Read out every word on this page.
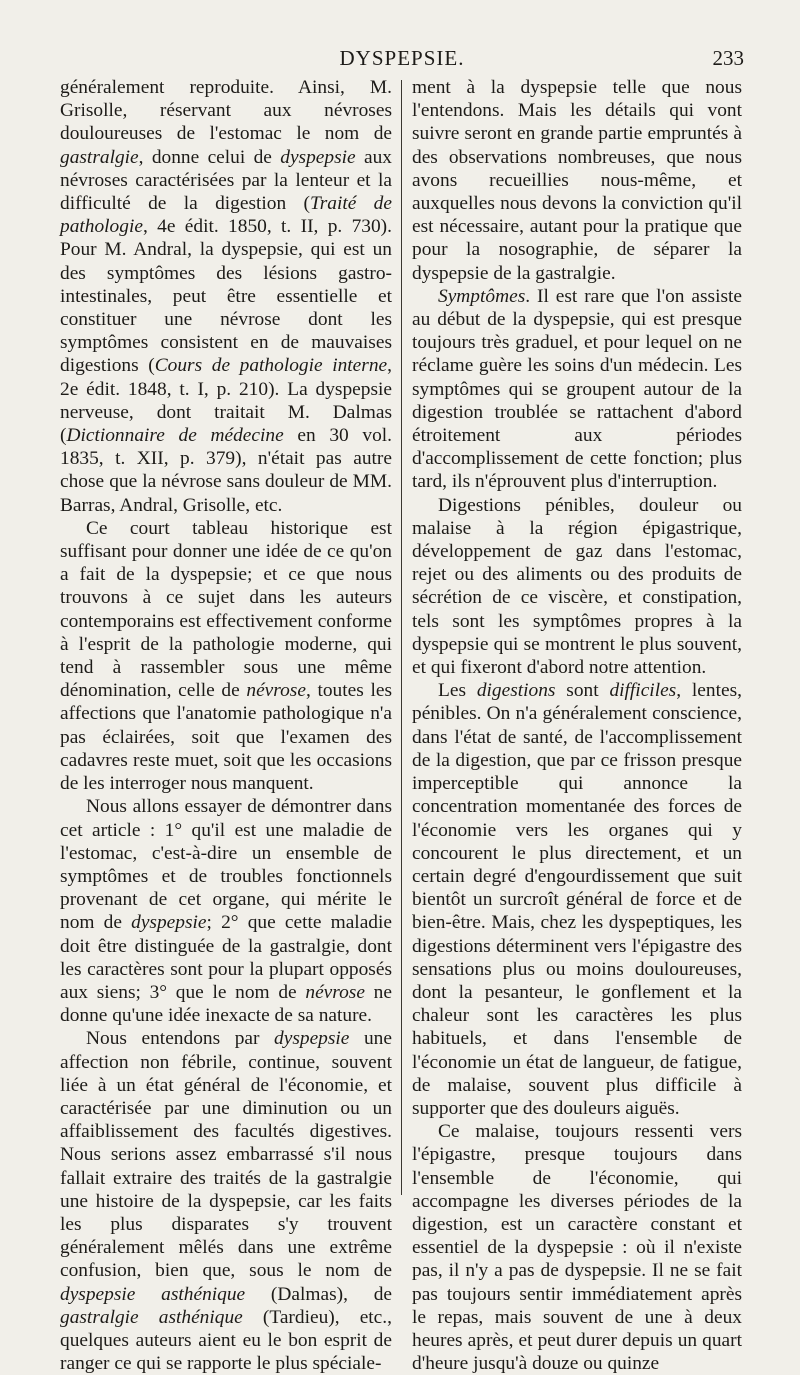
DYSPEPSIE.	233

généralement reproduite. Ainsi, M. Grisolle, réservant aux névroses douloureuses de l'estomac le nom de gastralgie, donne celui de dyspepsie aux névroses caractérisées par la lenteur et la difficulté de la digestion (Traité de pathologie, 4e édit. 1850, t. II, p. 730). Pour M. Andral, la dyspepsie, qui est un des symptômes des lésions gastro-intestinales, peut être essentielle et constituer une névrose dont les symptômes consistent en de mauvaises digestions (Cours de pathologie interne, 2e édit. 1848, t. I, p. 210). La dyspepsie nerveuse, dont traitait M. Dalmas (Dictionnaire de médecine en 30 vol. 1835, t. XII, p. 379), n'était pas autre chose que la névrose sans douleur de MM. Barras, Andral, Grisolle, etc.

Ce court tableau historique est suffisant pour donner une idée de ce qu'on a fait de la dyspepsie; et ce que nous trouvons à ce sujet dans les auteurs contemporains est effectivement conforme à l'esprit de la pathologie moderne, qui tend à rassembler sous une même dénomination, celle de névrose, toutes les affections que l'anatomie pathologique n'a pas éclairées, soit que l'examen des cadavres reste muet, soit que les occasions de les interroger nous manquent.

Nous allons essayer de démontrer dans cet article : 1° qu'il est une maladie de l'estomac, c'est-à-dire un ensemble de symptômes et de troubles fonctionnels provenant de cet organe, qui mérite le nom de dyspepsie; 2° que cette maladie doit être distinguée de la gastralgie, dont les caractères sont pour la plupart opposés aux siens; 3° que le nom de névrose ne donne qu'une idée inexacte de sa nature.

Nous entendons par dyspepsie une affection non fébrile, continue, souvent liée à un état général de l'économie, et caractérisée par une diminution ou un affaiblissement des facultés digestives. Nous serions assez embarrassé s'il nous fallait extraire des traités de la gastralgie une histoire de la dyspepsie, car les faits les plus disparates s'y trouvent généralement mêlés dans une extrême confusion, bien que, sous le nom de dyspepsie asthénique (Dalmas), de gastralgie asthénique (Tardieu), etc., quelques auteurs aient eu le bon esprit de ranger ce qui se rapporte le plus spéciale-

ment à la dyspepsie telle que nous l'entendons. Mais les détails qui vont suivre seront en grande partie empruntés à des observations nombreuses, que nous avons recueillies nous-même, et auxquelles nous devons la conviction qu'il est nécessaire, autant pour la pratique que pour la nosographie, de séparer la dyspepsie de la gastralgie.

Symptômes. Il est rare que l'on assiste au début de la dyspepsie, qui est presque toujours très graduel, et pour lequel on ne réclame guère les soins d'un médecin. Les symptômes qui se groupent autour de la digestion troublée se rattachent d'abord étroitement aux périodes d'accomplissement de cette fonction; plus tard, ils n'éprouvent plus d'interruption.

Digestions pénibles, douleur ou malaise à la région épigastrique, développement de gaz dans l'estomac, rejet ou des aliments ou des produits de sécrétion de ce viscère, et constipation, tels sont les symptômes propres à la dyspepsie qui se montrent le plus souvent, et qui fixeront d'abord notre attention.

Les digestions sont difficiles, lentes, pénibles. On n'a généralement conscience, dans l'état de santé, de l'accomplissement de la digestion, que par ce frisson presque imperceptible qui annonce la concentration momentanée des forces de l'économie vers les organes qui y concourent le plus directement, et un certain degré d'engourdissement que suit bientôt un surcroît général de force et de bien-être. Mais, chez les dyspeptiques, les digestions déterminent vers l'épigastre des sensations plus ou moins douloureuses, dont la pesanteur, le gonflement et la chaleur sont les caractères les plus habituels, et dans l'ensemble de l'économie un état de langueur, de fatigue, de malaise, souvent plus difficile à supporter que des douleurs aiguës.

Ce malaise, toujours ressenti vers l'épigastre, presque toujours dans l'ensemble de l'économie, qui accompagne les diverses périodes de la digestion, est un caractère constant et essentiel de la dyspepsie : où il n'existe pas, il n'y a pas de dyspepsie. Il ne se fait pas toujours sentir immédiatement après le repas, mais souvent de une à deux heures après, et peut durer depuis un quart d'heure jusqu'à douze ou quinze
